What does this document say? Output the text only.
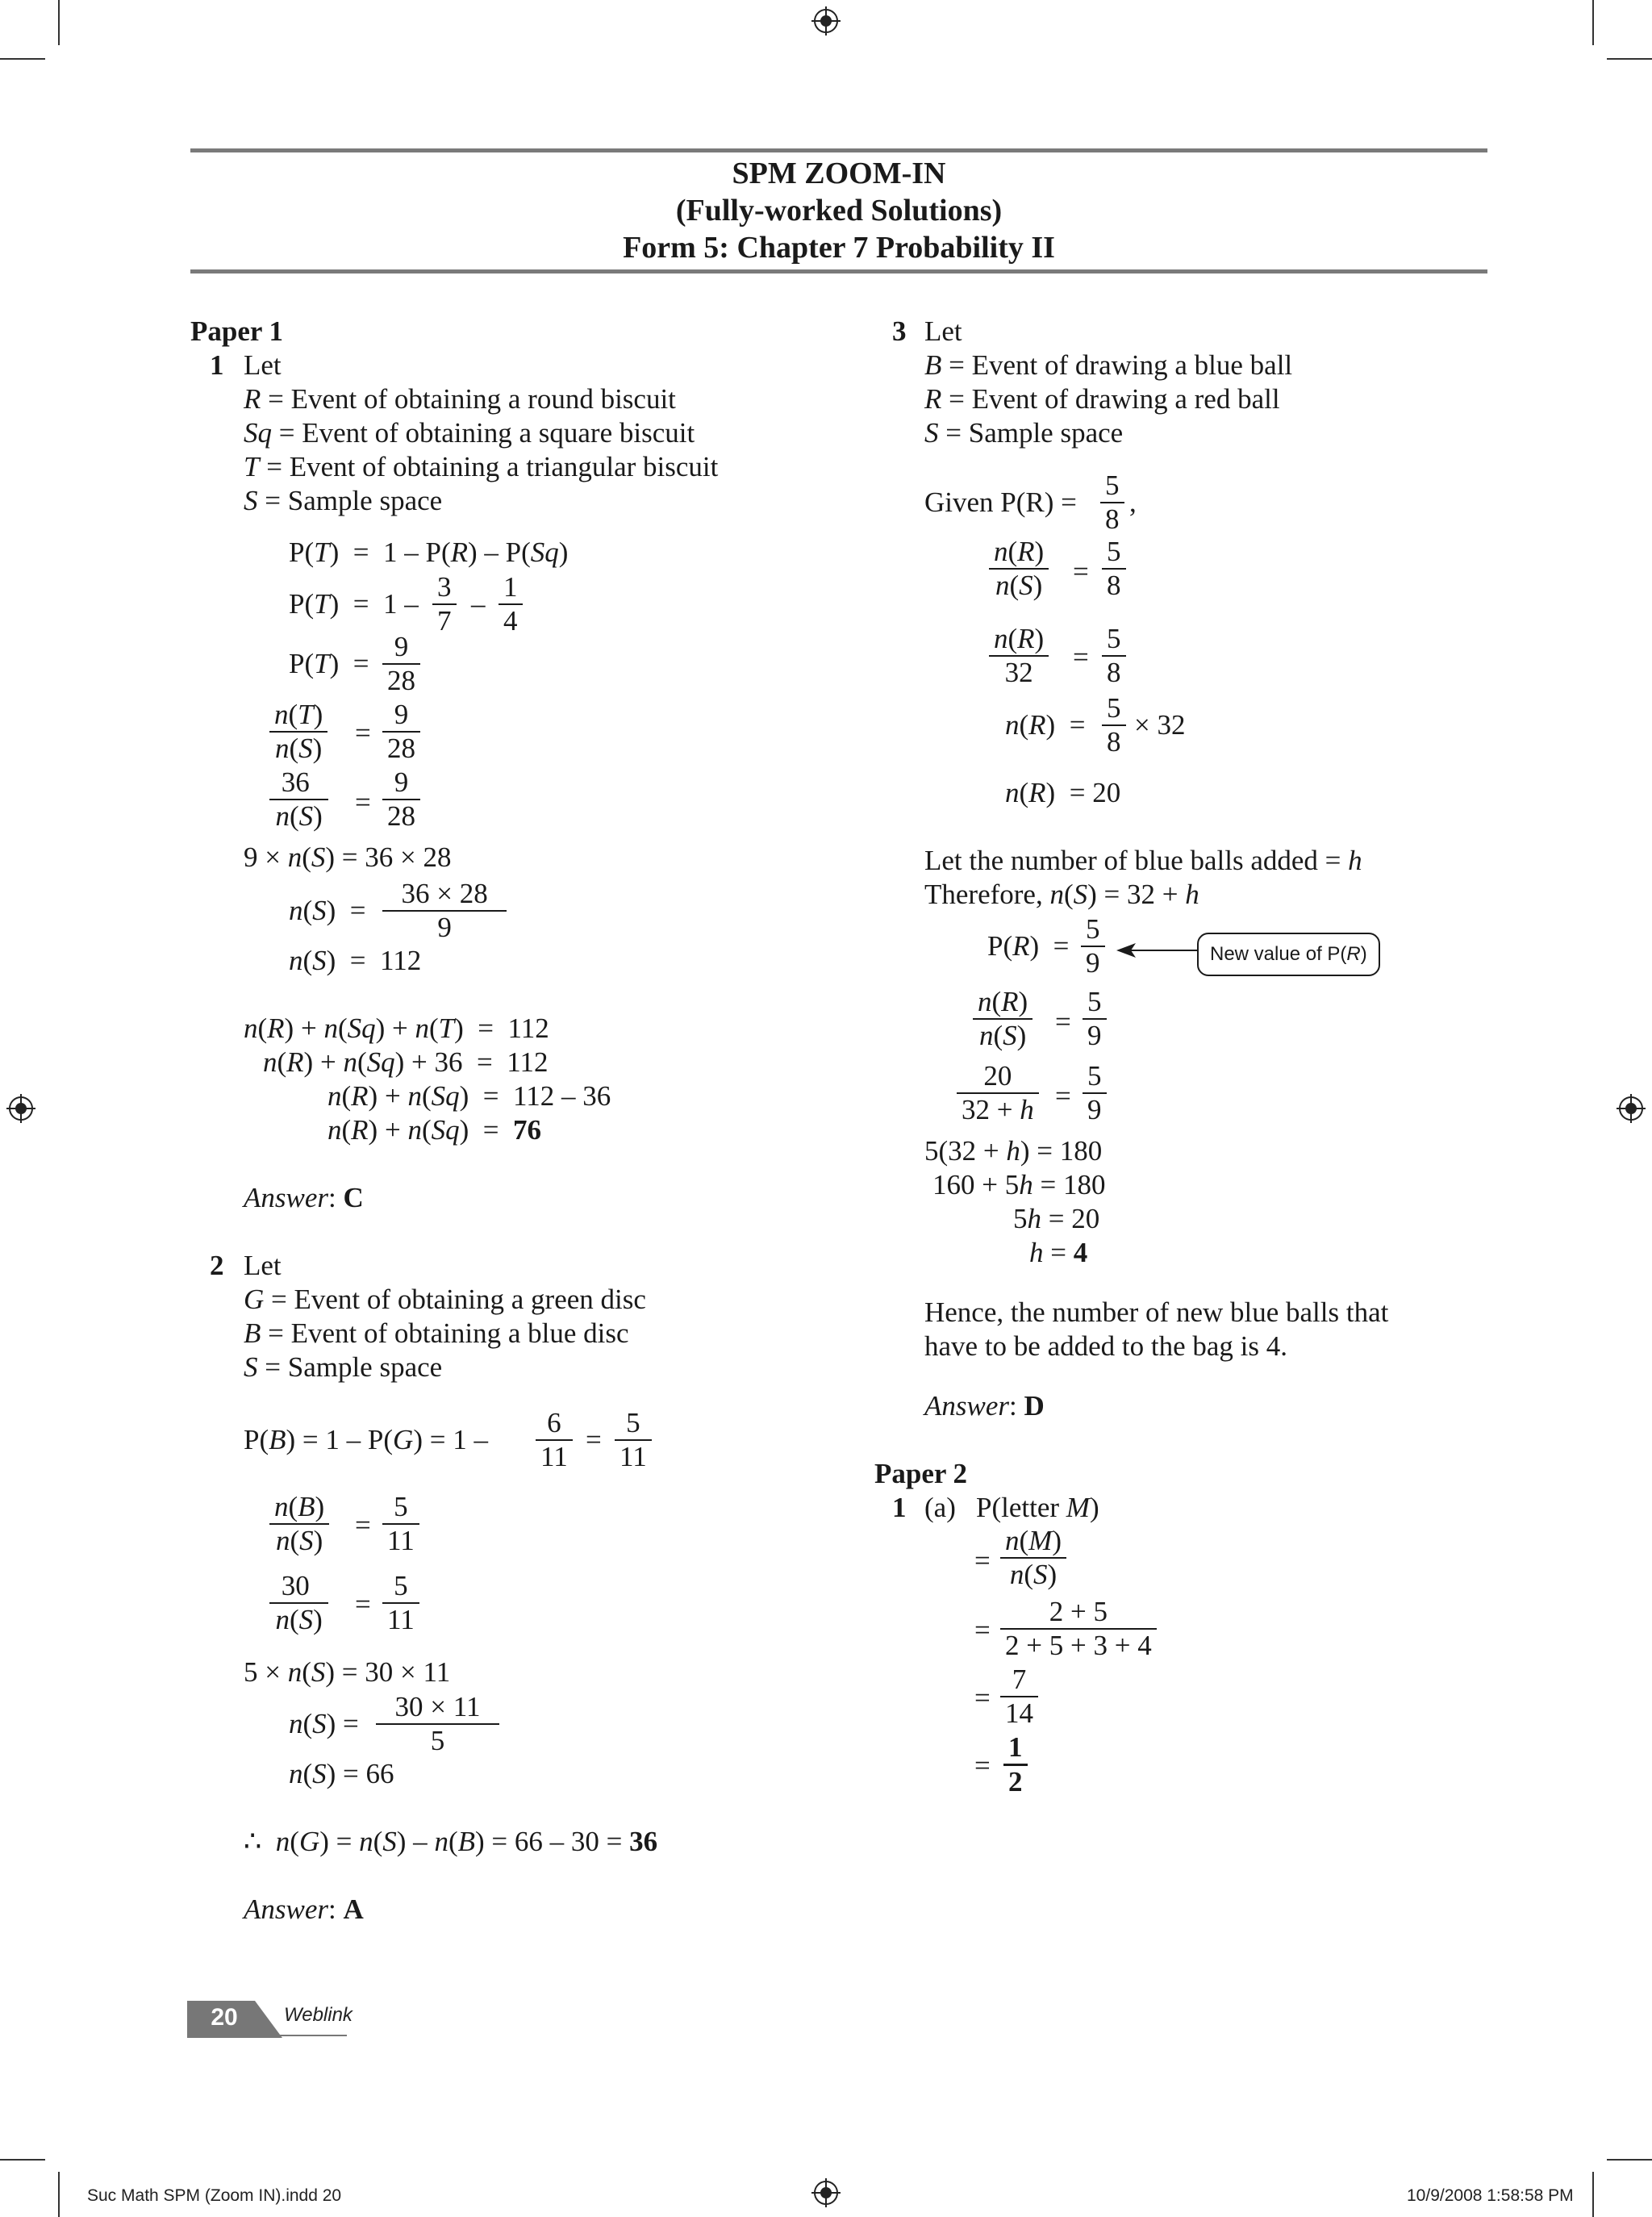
SPM ZOOM-IN
(Fully-worked Solutions)
Form 5: Chapter 7 Probability II
Paper 1
1 Let
R = Event of obtaining a round biscuit
Sq = Event of obtaining a square biscuit
T = Event of obtaining a triangular biscuit
S = Sample space
P(T)  =  1 – P(R) – P(Sq)
P(T)  =  1 –
3
7
–
1
4
P(T)  =
9
28
n(T)
n(S) =
9
28
36
n(S) =
9
28
9 × n(S) = 36 × 28
n(S)  =
36 × 28
9
n(S)  =  112
n(R) + n(Sq) + n(T)  =  112
n(R) + n(Sq) + 36  =  112
n(R) + n(Sq)  =  112 – 36
n(R) + n(Sq)  =  76
Answer: C
2 Let
G = Event of obtaining a green disc
B = Event of obtaining a blue disc
S = Sample space
P(B) = 1 – P(G) = 1 –
6
11
=
5
11
n(B)
n(S) =
5
11
30
n(S) =
5
11
5 × n(S) = 30 × 11
n(S) =
30 × 11
5
n(S) = 66
∴  n(G) = n(S) – n(B) = 66 – 30 = 36
Answer: A
3 Let
B = Event of drawing a blue ball
R = Event of drawing a red ball
S = Sample space
Given P(R) =
5
8
,
n(R)
n(S) =
5
8
n(R)
32 =
5
8
n(R)  =
5
8
× 32
n(R)  = 20
Let the number of blue balls added = h
Therefore, n(S) = 32 + h
P(R)  =
5
9	New value of P(R)
n(R)
n(S) =
5
9
20
32 + h =
5
9
5(32 + h) = 180
160 + 5h = 180
5h = 20
h = 4
Hence, the number of new blue balls that
have to be added to the bag is 4.
Answer: D
Paper 2
1 (a) P(letter M)
=
n(M)
n(S)
=
2 + 5
2 + 5 + 3 + 4
=
7
14
=
1
2
20	Weblink
Suc Math SPM (Zoom IN).indd 20	10/9/2008 1:58:58 PM
